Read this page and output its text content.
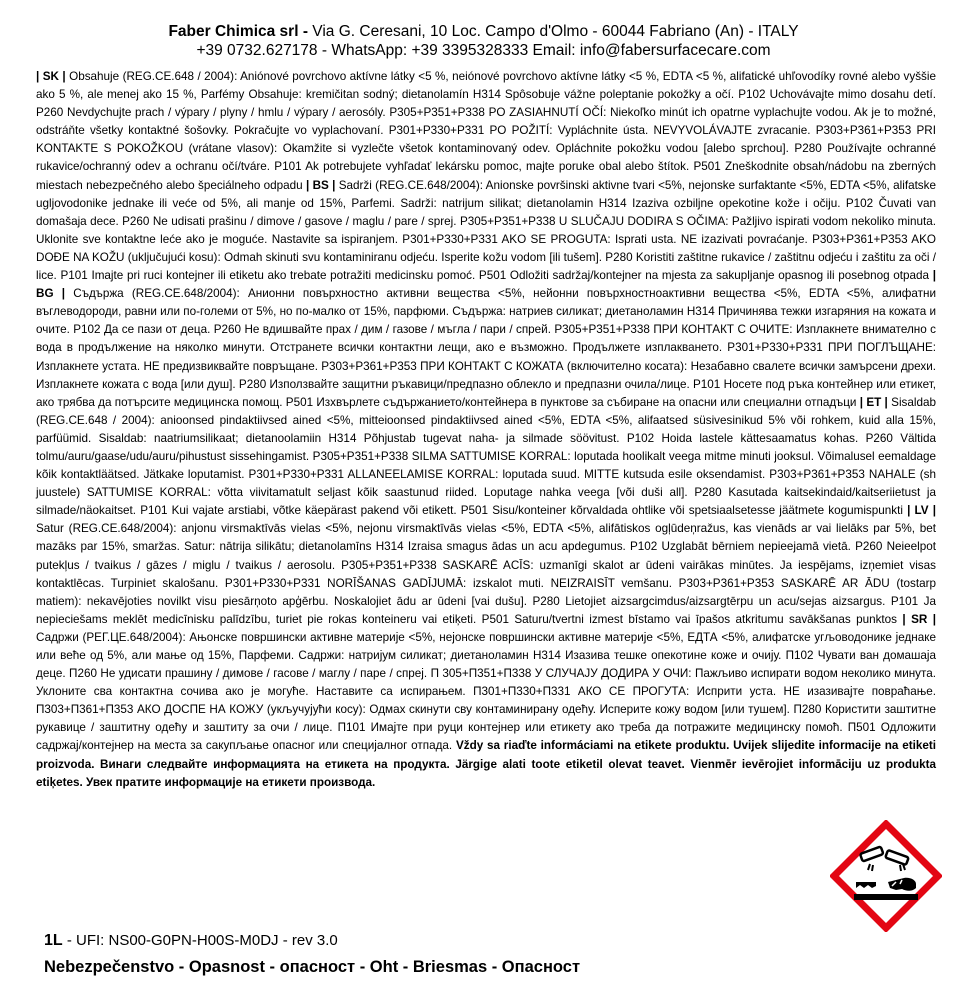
Faber Chimica srl - Via G. Ceresani, 10 Loc. Campo d'Olmo - 60044 Fabriano (An) - ITALY
+39 0732.627178 - WhatsApp: +39 3395328333 Email: info@fabersurfacecare.com
| SK | Obsahuje (REG.CE.648 / 2004): Aniónové povrchovo aktívne látky <5 %, neiónové povrchovo aktívne látky <5 %, EDTA <5 %, alifatické uhľovodíky rovné alebo vyššie ako 5 %, ale menej ako 15 %, Parfémy Obsahuje: kremičitan sodný; dietanolamín H314 Spôsobuje vážne poleptanie pokožky a očí. P102 Uchovávajte mimo dosahu detí. P260 Nevdychujte prach / výpary / plyny / hmlu / výpary / aerosóly. P305+P351+P338 PO ZASIAHNUTÍ OČÍ: Niekoľko minút ich opatrne vyplachujte vodou. Ak je to možné, odstráňte všetky kontaktné šošovky. Pokračujte vo vyplachovaní. P301+P330+P331 PO POŽITÍ: Vypláchnite ústa. NEVYVOLÁVAJTE zvracanie. P303+P361+P353 PRI KONTAKTE S POKOŽKOU (vrátane vlasov): Okamžite si vyzlečte všetok kontaminovaný odev. Opláchnite pokožku vodou [alebo sprchou]. P280 Používajte ochranné rukavice/ochranný odev a ochranu očí/tváre. P101 Ak potrebujete vyhľadať lekársku pomoc, majte poruke obal alebo štítok. P501 Zneškodnite obsah/nádobu na zberných miestach nebezpečného alebo špeciálneho odpadu | BS | Sadrži (REG.CE.648/2004): Anionske površinski aktivne tvari <5%, nejonske surfaktante <5%, EDTA <5%, alifatske ugljovodonike jednake ili veće od 5%, ali manje od 15%, Parfemi. Sadrži: natrijum silikat; dietanolamin H314 Izaziva ozbiljne opekotine kože i očiju. P102 Čuvati van domašaja dece. P260 Ne udisati prašinu / dimove / gasove / maglu / pare / sprej. P305+P351+P338 U SLUČAJU DODIRA S OČIMA: Pažljivo ispirati vodom nekoliko minuta. Uklonite sve kontaktne leće ako je moguće. Nastavite sa ispiranjem. P301+P330+P331 AKO SE PROGUTA: Isprati usta. NE izazivati povraćanje. P303+P361+P353 AKO DOĐE NA KOŽU (uključujući kosu): Odmah skinuti svu kontaminiranu odjeću. Isperite kožu vodom [ili tušem]. P280 Koristiti zaštitne rukavice / zaštitnu odjeću i zaštitu za oči / lice. P101 Imajte pri ruci kontejner ili etiketu ako trebate potražiti medicinsku pomoć. P501 Odložiti sadržaj/kontejner na mjesta za sakupljanje opasnog ili posebnog otpada | BG | Съдържа (REG.CE.648/2004): Анионни повърхностно активни вещества <5%, нейонни повърхностноактивни вещества <5%, EDTA <5%, алифатни въглеводороди, равни или по-големи от 5%, но по-малко от 15%, парфюми. Съдържа: натриев силикат; диетаноламин H314 Причинява тежки изгаряния на кожата и очите. P102 Да се пази от деца. P260 Не вдишвайте прах / дим / газове / мъгла / пари / спрей. P305+P351+P338 ПРИ КОНТАКТ С ОЧИТЕ: Изплакнете внимателно с вода в продължение на няколко минути. Отстранете всички контактни лещи, ако е възможно. Продължете изплакването. P301+P330+P331 ПРИ ПОГЛЪЩАНЕ: Изплакнете устата. НЕ предизвиквайте повръщане. P303+P361+P353 ПРИ КОНТАКТ С КОЖАТА (включително косата): Незабавно свалете всички замърсени дрехи. Изплакнете кожата с вода [или душ]. P280 Използвайте защитни ръкавици/предпазно облекло и предпазни очила/лице. P101 Носете под ръка контейнер или етикет, ако трябва да потърсите медицинска помощ. P501 Изхвърлете съдържанието/контейнера в пунктове за събиране на опасни или специални отпадъци | ET | Sisaldab (REG.CE.648 / 2004): anioonsed pindaktiivsed ained <5%, mitteioonsed pindaktiivsed ained <5%, EDTA <5%, alifaatsed süsivesinikud 5% või rohkem, kuid alla 15%, parfüümid. Sisaldab: naatriumsilikaat; dietanoolamiin H314 Põhjustab tugevat naha- ja silmade söövitust. P102 Hoida lastele kättesaamatus kohas. P260 Vältida tolmu/auru/gaase/udu/auru/pihustust sissehingamist. P305+P351+P338 SILMA SATTUMISE KORRAL: loputada hoolikalt veega mitme minuti jooksul. Võimalusel eemaldage kõik kontaktläätsed. Jätkake loputamist. P301+P330+P331 ALLANEELAMISE KORRAL: loputada suud. MITTE kutsuda esile oksendamist. P303+P361+P353 NAHALE (sh juustele) SATTUMISE KORRAL: võtta viivitamatult seljast kõik saastunud riided. Loputage nahka veega [või duši all]. P280 Kasutada kaitsekindaid/kaitseriietust ja silmade/näokaitset. P101 Kui vajate arstiabi, võtke käepärast pakend või etikett. P501 Sisu/konteiner kõrvaldada ohtlike või spetsiaalsetesse jäätmete kogumispunkti | LV | Satur (REG.CE.648/2004): anjonu virsmaktīvās vielas <5%, nejonu virsmaktīvās vielas <5%, EDTA <5%, alifātiskos ogļūdeņražus, kas vienāds ar vai lielāks par 5%, bet mazāks par 15%, smaržas. Satur: nātrija silikātu; dietanolamīns H314 Izraisa smagus ādas un acu apdegumus. P102 Uzglabāt bērniem nepieejamā vietā. P260 Neieelpot putekļus / tvaikus / gāzes / miglu / tvaikus / aerosolu. P305+P351+P338 SASKARĒ ACĪS: uzmanīgi skalot ar ūdeni vairākas minūtes. Ja iespējams, izņemiet visas kontaktlēcas. Turpiniet skalošanu. P301+P330+P331 NORĪŠANAS GADĪJUMĀ: izskalot muti. NEIZRAISĪT vemšanu. P303+P361+P353 SASKARĒ AR ĀDU (tostarp matiem): nekavējoties novilkt visu piesārņoto apģērbu. Noskalojiet ādu ar ūdeni [vai dušu]. P280 Lietojiet aizsargcimdus/aizsargtērpu un acu/sejas aizsargus. P101 Ja nepieciešams meklēt medicīnisku palīdzību, turiet pie rokas konteineru vai etiķeti. P501 Saturu/tvertni izmest bīstamo vai īpašos atkritumu savākšanas punktos | SR | Садржи (РЕГ.ЦЕ.648/2004): Ањонске површински активне материје <5%, нејонске површински активне материје <5%, ЕДТА <5%, алифатске угљоводонике једнаке или веће од 5%, али мање од 15%, Парфеми. Садржи: натријум силикат; диетаноламин H314 Изазива тешке опекотине коже и очију. П102 Чувати ван домашаја деце. П260 Не удисати прашину / димове / гасове / маглу / паре / спреј. П 305+П351+П338 У СЛУЧАЈУ ДОДИРА У ОЧИ: Пажљиво испирати водом неколико минута. Уклоните сва контактна сочива ако је могуће. Наставите са испирањем. П301+П330+П331 АКО СЕ ПРОГУТА: Исприти уста. НЕ изазивајте повраћање. П303+П361+П353 АКО ДОСПЕ НА КОЖУ (укључујући косу): Одмах скинути сву контаминирану одећу. Исперите кожу водом [или тушем]. П280 Користити заштитне рукавице / заштитну одећу и заштиту за очи / лице. П101 Имајте при руци контејнер или етикету ако треба да потражите медицинску помоћ. П501 Одложити садржај/контејнер на места за сакупљање опасног или специјалног отпада. Vždy sa riaďte informáciami na etikete produktu. Uvijek slijedite informacije na etiketi proizvoda. Винаги следвайте информацията на етикета на продукта. Järgige alati toote etiketil olevat teavet. Vienmēr ievērojiet informāciju uz produkta etiķetes. Увек пратите информације на етикети производа.
1L - UFI: NS00-G0PN-H00S-M0DJ - rev 3.0
Nebezpečenstvo - Opasnost - опасност - Oht - Briesmas - Опасност
